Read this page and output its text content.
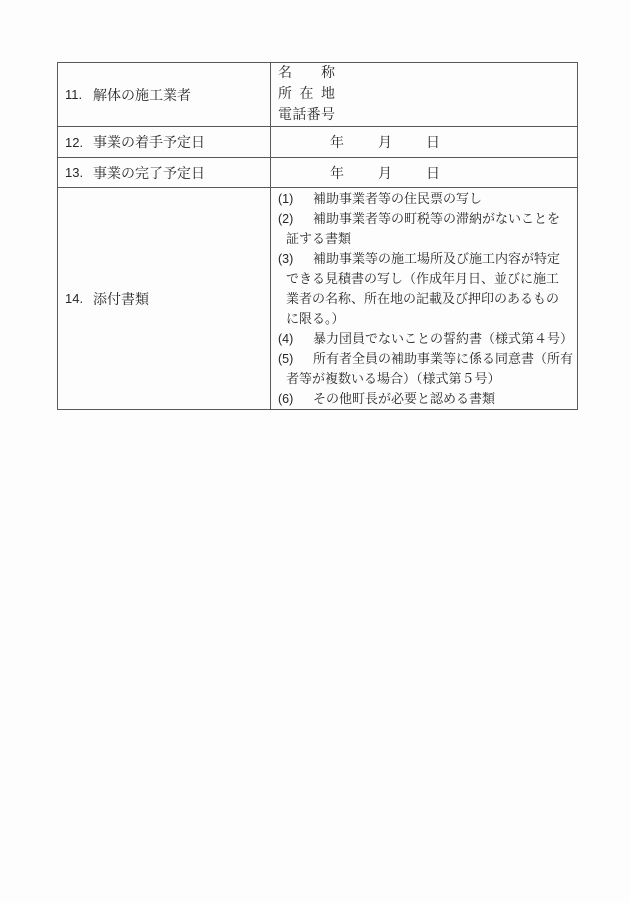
11. 解体の施工業者
名称
所在地
電話番号
12. 事業の着手予定日	年 月 日
13. 事業の完了予定日	年 月 日
14. 添付書類
(1) 補助事業者等の住民票の写し
(2) 補助事業者等の町税等の滞納がないことを
証する書類
(3) 補助事業等の施工場所及び施工内容が特定
できる見積書の写し（作成年月日、並びに施工
業者の名称、所在地の記載及び押印のあるもの
に限る。）
(4) 暴力団員でないことの誓約書（様式第４号）
(5) 所有者全員の補助事業等に係る同意書（所有
者等が複数いる場合）（様式第５号）
(6) その他町長が必要と認める書類
